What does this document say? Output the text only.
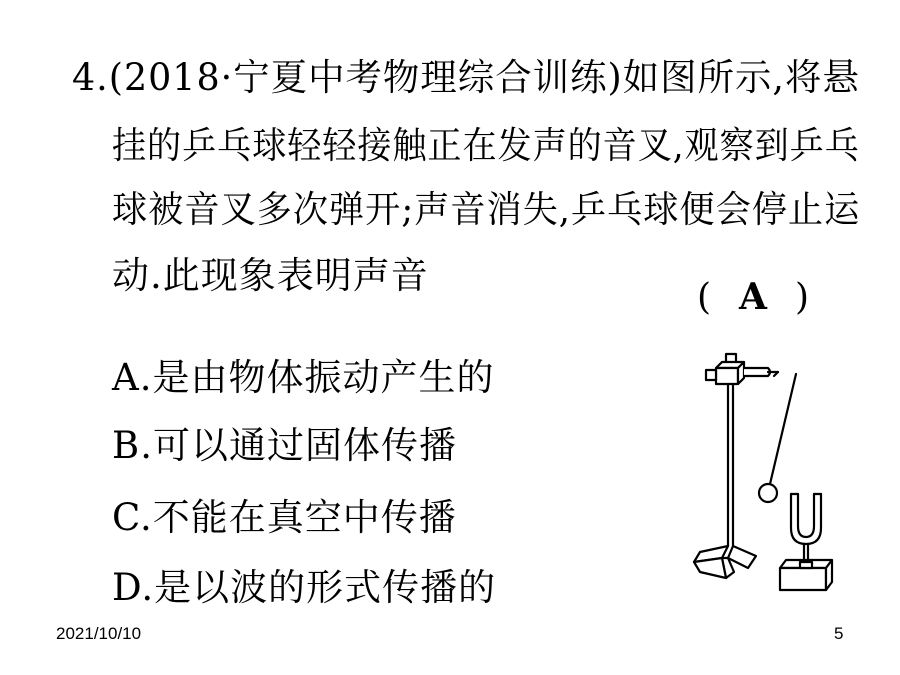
4.(2018·宁夏中考物理综合训练)如图所示,将悬
挂的乒乓球轻轻接触正在发声的音叉,观察到乒乓
球被音叉多次弹开;声音消失,乒乓球便会停止运
动.此现象表明声音
( A )
A.是由物体振动产生的
B.可以通过固体传播
C.不能在真空中传播
D.是以波的形式传播的
2021/10/10	5
